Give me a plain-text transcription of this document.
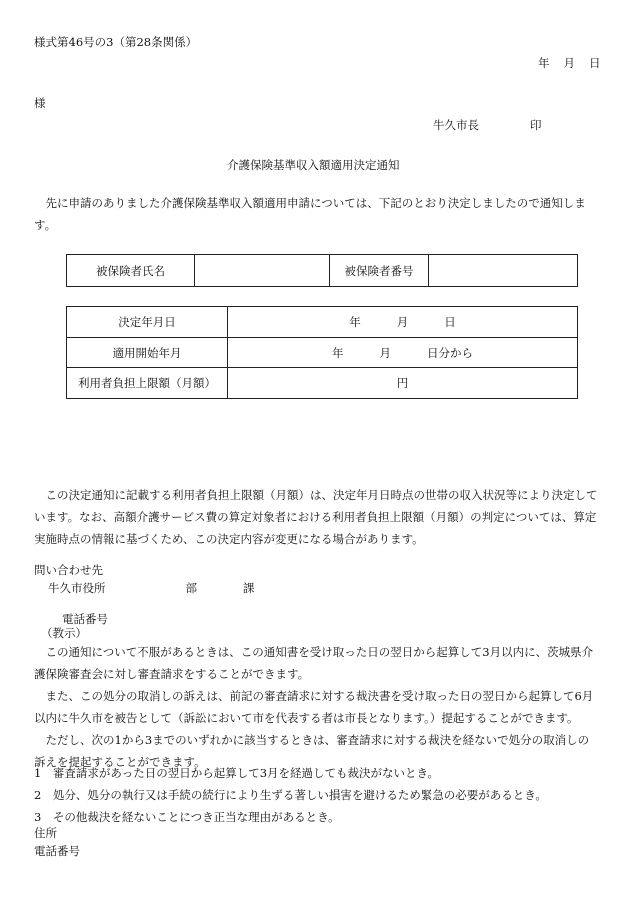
様式第46号の3（第28条関係）
年 月 日
様
牛久市長	印
介護保険基準収入額適用決定通知
先に申請のありました介護保険基準収入額適用申請については、下記のとおり決定しましたので通知します。
被保険者氏名		被保険者番号	
決定年月日	年 月 日
適用開始年月	年 月 日分から
利用者負担上限額（月額）	円
この決定通知に記載する利用者負担上限額（月額）は、決定年月日時点の世帯の収入状況等により決定しています。なお、高額介護サービス費の算定対象者における利用者負担上限額（月額）の判定については、算定実施時点の情報に基づくため、この決定内容が変更になる場合があります。
問い合わせ先
牛久市役所	部	課
電話番号
（教示）
この通知について不服があるときは、この通知書を受け取った日の翌日から起算して3月以内に、茨城県介護保険審査会に対し審査請求をすることができます。
また、この処分の取消しの訴えは、前記の審査請求に対する裁決書を受け取った日の翌日から起算して6月以内に牛久市を被告として（訴訟において市を代表する者は市長となります。）提起することができます。
ただし、次の1から3までのいずれかに該当するときは、審査請求に対する裁決を経ないで処分の取消しの訴えを提起することができます。
1　審査請求があった日の翌日から起算して3月を経過しても裁決がないとき。
2　処分、処分の執行又は手続の続行により生ずる著しい損害を避けるため緊急の必要があるとき。
3　その他裁決を経ないことにつき正当な理由があるとき。
住所
電話番号
